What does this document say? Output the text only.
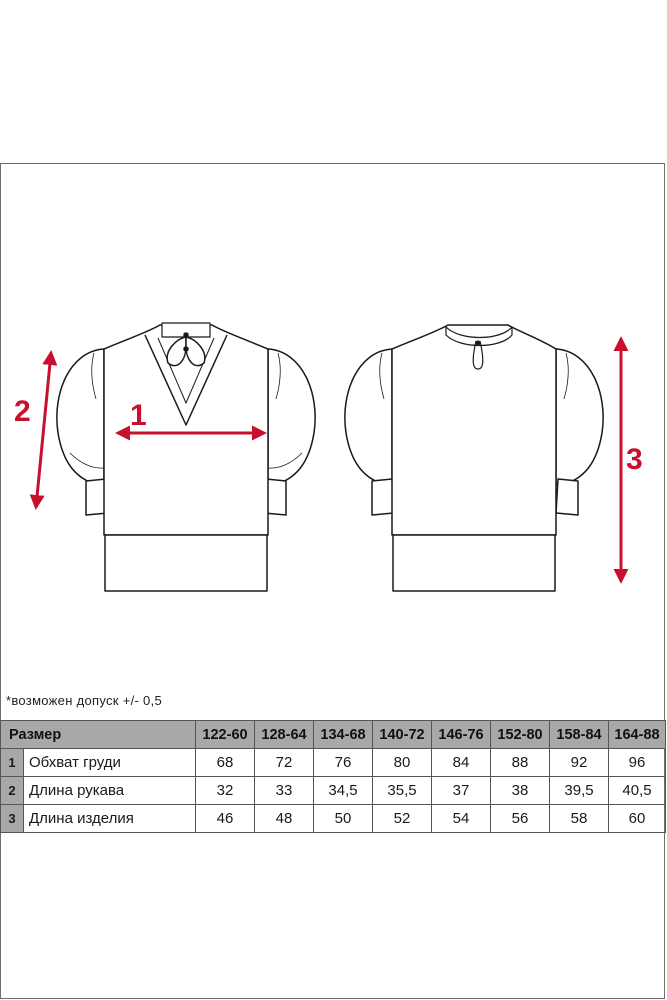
1
2
3
*возможен допуск +/- 0,5
Размер		122-60	128-64	134-68	140-72	146-76	152-80	158-84	164-88
1	Обхват груди	68	72	76	80	84	88	92	96
2	Длина рукава	32	33	34,5	35,5	37	38	39,5	40,5
3	Длина изделия	46	48	50	52	54	56	58	60
